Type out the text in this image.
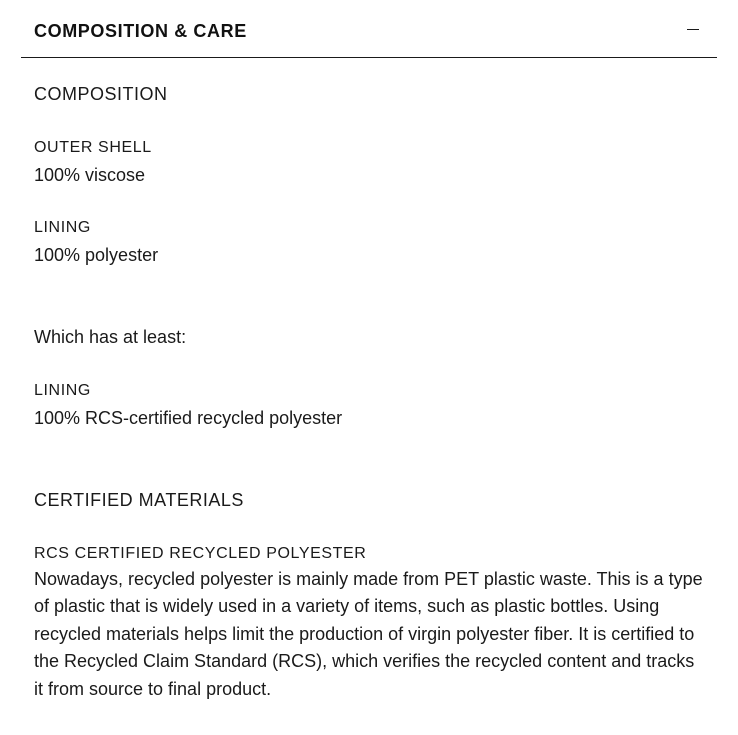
COMPOSITION & CARE
COMPOSITION
OUTER SHELL
100% viscose
LINING
100% polyester
Which has at least:
LINING
100% RCS-certified recycled polyester
CERTIFIED MATERIALS
RCS CERTIFIED RECYCLED POLYESTER
Nowadays, recycled polyester is mainly made from PET plastic waste. This is a type of plastic that is widely used in a variety of items, such as plastic bottles. Using recycled materials helps limit the production of virgin polyester fiber. It is certified to the Recycled Claim Standard (RCS), which verifies the recycled content and tracks it from source to final product.
